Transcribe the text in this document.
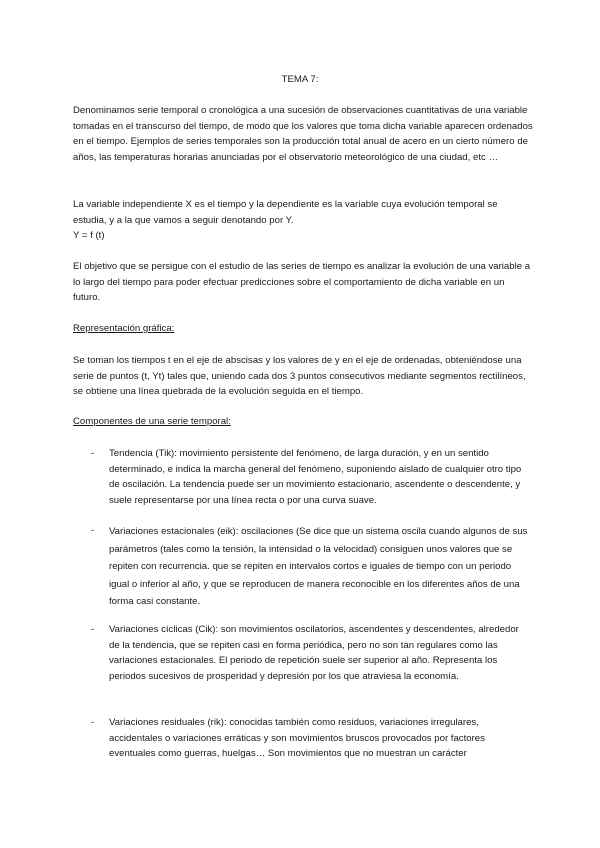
TEMA 7:

Denominamos serie temporal o cronológica a una sucesión de observaciones cuantitativas de una variable tomadas en el transcurso del tiempo, de modo que los valores que toma dicha variable aparecen ordenados en el tiempo. Ejemplos de series temporales son la producción total anual de acero en un cierto número de años, las temperaturas horarias anunciadas por el observatorio meteorológico de una ciudad, etc …

La variable independiente X es el tiempo y la dependiente es la variable cuya evolución temporal se estudia, y a la que vamos a seguir denotando por Y.

Y = f (t)

El objetivo que se persigue con el estudio de las series de tiempo es analizar la evolución de una variable a lo largo del tiempo para poder efectuar predicciones sobre el comportamiento de dicha variable en un futuro.

Representación gráfica:

Se toman los tiempos t en el eje de abscisas y los valores de y en el eje de ordenadas, obteniéndose una serie de puntos (t, Yt) tales que, uniendo cada dos 3 puntos consecutivos mediante segmentos rectilíneos, se obtiene una línea quebrada de la evolución seguida en el tiempo.

Componentes de una serie temporal:

- Tendencia (Tik): movimiento persistente del fenómeno, de larga duración, y en un sentido determinado, e indica la marcha general del fenómeno, suponiendo aislado de cualquier otro tipo de oscilación. La tendencia puede ser un movimiento estacionario, ascendente o descendente, y suele representarse por una línea recta o por una curva suave.
- Variaciones estacionales (eik): oscilaciones (Se dice que un sistema oscila cuando algunos de sus parámetros (tales como la tensión, la intensidad o la velocidad) consiguen unos valores que se repiten con recurrencia. que se repiten en intervalos cortos e iguales de tiempo con un periodo igual o inferior al año, y que se reproducen de manera reconocible en los diferentes años de una forma casi constante.
- Variaciones cíclicas (Cik): son movimientos oscilatorios, ascendentes y descendentes, alrededor de la tendencia, que se repiten casi en forma periódica, pero no son tan regulares como las variaciones estacionales. El periodo de repetición suele ser superior al año. Representa los periodos sucesivos de prosperidad y depresión por los que atraviesa la economía.
- Variaciones residuales (rik): conocidas también como residuos, variaciones irregulares, accidentales o variaciones erráticas y son movimientos bruscos provocados por factores eventuales como guerras, huelgas… Son movimientos que no muestran un carácter
